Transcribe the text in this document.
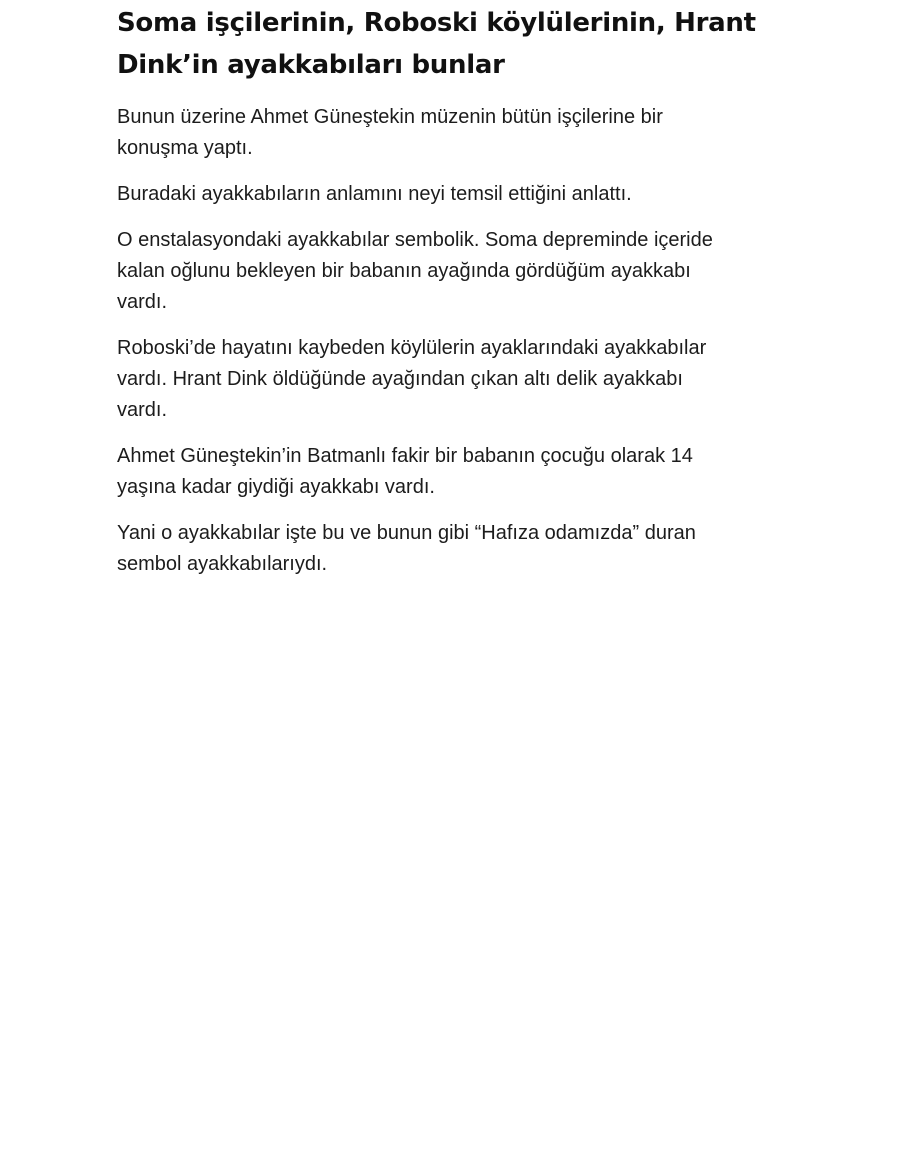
Soma işçilerinin, Roboski köylülerinin, Hrant Dink’in ayakkabıları bunlar

Bunun üzerine Ahmet Güneştekin müzenin bütün işçilerine bir konuşma yaptı.

Buradaki ayakkabıların anlamını neyi temsil ettiğini anlattı.

O enstalasyondaki ayakkabılar sembolik. Soma depreminde içeride kalan oğlunu bekleyen bir babanın ayağında gördüğüm ayakkabı vardı.

Roboski’de hayatını kaybeden köylülerin ayaklarındaki ayakkabılar vardı. Hrant Dink öldüğünde ayağından çıkan altı delik ayakkabı vardı.

Ahmet Güneştekin’in Batmanlı fakir bir babanın çocuğu olarak 14 yaşına kadar giydiği ayakkabı vardı.

Yani o ayakkabılar işte bu ve bunun gibi “Hafıza odamızda” duran sembol ayakkabılarıydı.
